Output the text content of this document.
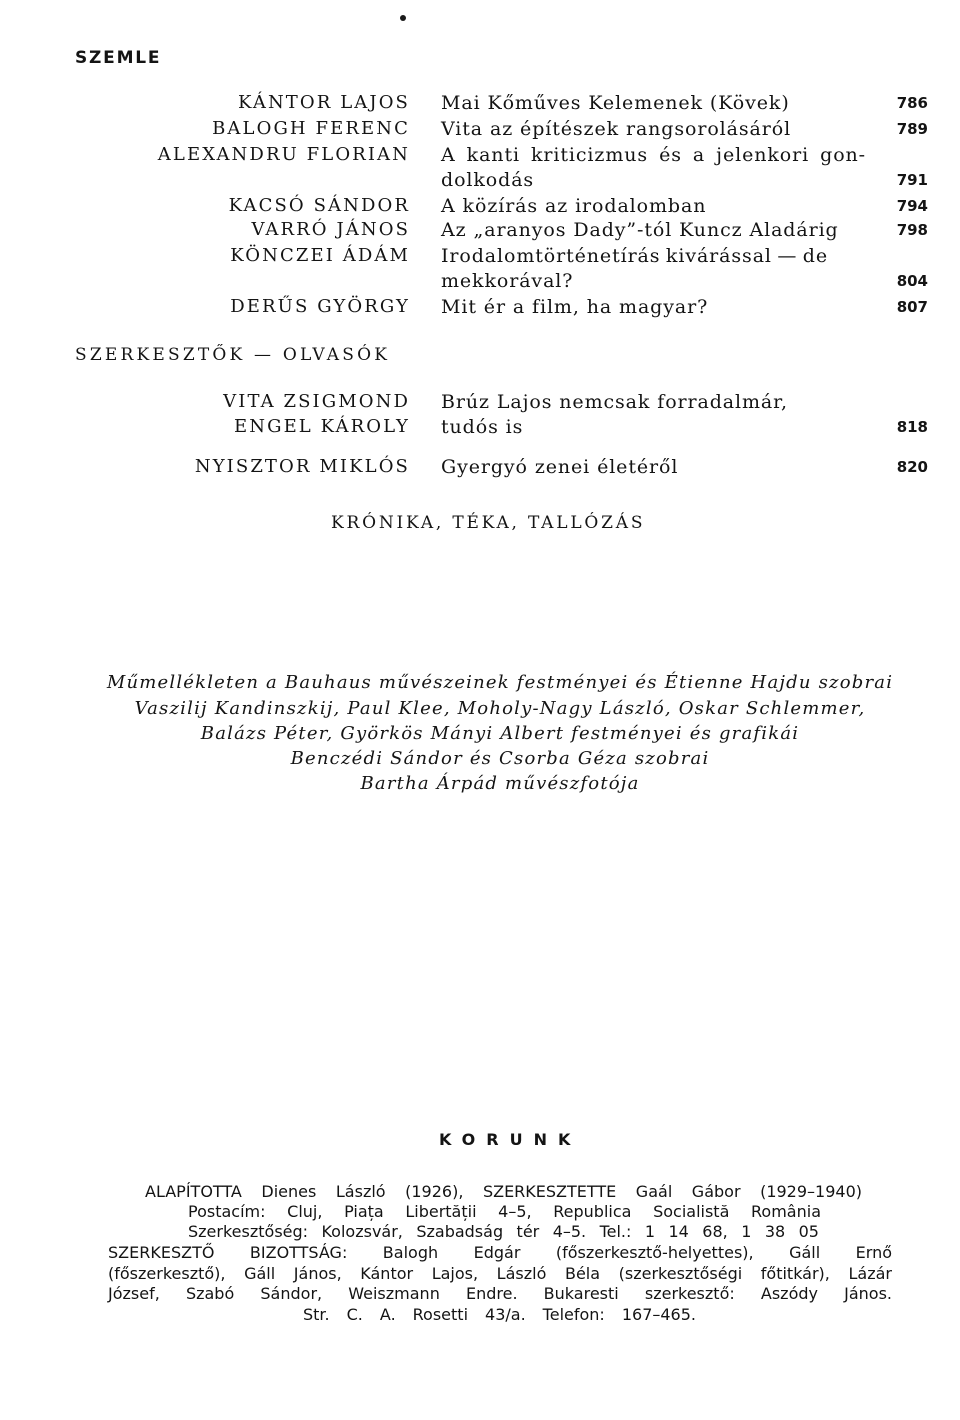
SZEMLE
KÁNTOR LAJOS Mai Kőműves Kelemenek (Kövek)	786
BALOGH FERENC Vita az építészek rangsorolásáról	789
ALEXANDRU FLORIAN A kanti kriticizmus és a jelenkori gon-
dolkodás	791
KACSÓ SÁNDOR A közírás az irodalomban	794
VARRÓ JÁNOS Az „aranyos Dady”-tól Kuncz Aladárig	798
KÖNCZEI ÁDÁM Irodalomtörténetírás kivárással — de
mekkorával?	804
DERŰS GYÖRGY Mit ér a film, ha magyar?	807
SZERKESZTŐK — OLVASÓK
VITA ZSIGMOND
ENGEL KÁROLY
Brúz Lajos nemcsak forradalmár,
tudós is	818
NYISZTOR MIKLÓS Gyergyó zenei életéről	820
KRÓNIKA, TÉKA, TALLÓZÁS
Műmellékleten a Bauhaus művészeinek festményei és Étienne Hajdu szobrai
Vaszilij Kandinszkij, Paul Klee, Moholy-Nagy László, Oskar Schlemmer,
Balázs Péter, Györkös Mányi Albert festményei és grafikái
Benczédi Sándor és Csorba Géza szobrai
Bartha Árpád művészfotója
KORUNK
ALAPÍTOTTA Dienes László (1926), SZERKESZTETTE Gaál Gábor (1929–1940)
Postacím: Cluj, Piața Libertății 4–5, Republica Socialistă România
Szerkesztőség: Kolozsvár, Szabadság tér 4–5. Tel.: 1 14 68, 1 38 05
SZERKESZTŐ BIZOTTSÁG: Balogh Edgár (főszerkesztő-helyettes), Gáll Ernő
(főszerkesztő), Gáll János, Kántor Lajos, László Béla (szerkesztőségi főtitkár), Lázár
József, Szabó Sándor, Weiszmann Endre. Bukaresti szerkesztő: Aszódy János.
Str. C. A. Rosetti 43/a. Telefon: 167–465.
